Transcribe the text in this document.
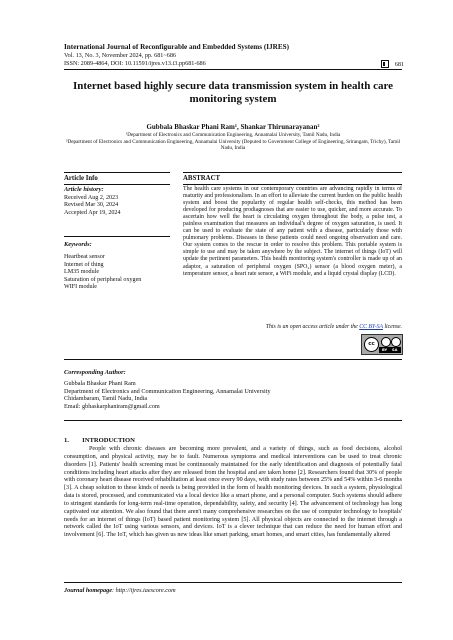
International Journal of Reconfigurable and Embedded Systems (IJRES)
Vol. 13, No. 3, November 2024, pp. 681~686
ISSN: 2089-4864, DOI: 10.11591/ijres.v13.i3.pp681-686	681
Internet based highly secure data transmission system in health care monitoring system
Gubbala Bhaskar Phani Ram¹, Shankar Thirunarayanan²
¹Department of Electronics and Communication Engineering, Annamalai University, Tamil Nadu, India
²Department of Electronics and Communication Engineering, Annamalai University (Deputed to Government College of Engineering, Srirangam, Trichy), Tamil Nadu, India
Article Info
Article history:
Received Aug 2, 2023
Revised Mar 30, 2024
Accepted Apr 19, 2024
Keywords:
Heartbeat sensor
Internet of thing
LM35 module
Saturation of peripheral oxygen
WIFI module
ABSTRACT
The health care systems in our contemporary countries are advancing rapidly in terms of maturity and professionalism. In an effort to alleviate the current burden on the public health system and boost the popularity of regular health self-checks, this method has been developed for producing prodiagnoses that are easier to use, quicker, and more accurate. To ascertain how well the heart is circulating oxygen throughout the body, a pulse test, a painless examination that measures an individual's degree of oxygen saturation, is used. It can be used to evaluate the state of any patient with a disease, particularly those with pulmonary problems. Diseases in these patients could need ongoing observation and care. Our system comes to the rescue in order to resolve this problem. This portable system is simple to use and may be taken anywhere by the subject. The internet of things (IoT) will update the pertinent parameters. This health monitoring system's controller is made up of an adaptor, a saturation of peripheral oxygen (SPO₂) sensor (a blood oxygen meter), a temperature sensor, a heart rate sensor, a WiFi module, and a liquid crystal display (LCD).
This is an open access article under the CC BY-SA license.
cc
BY SA
Corresponding Author:
Gubbala Bhaskar Phani Ram
Department of Electronics and Communication Engineering, Annamalai University
Chidambaram, Tamil Nadu, India
Email: gbhaskarphaniram@gmail.com
1.  INTRODUCTION
People with chronic diseases are becoming more prevalent, and a variety of things, such as food decisions, alcohol consumption, and physical activity, may be to fault. Numerous symptoms and medical interventions can be used to treat chronic disorders [1]. Patients' health screening must be continuously maintained for the early identification and diagnosis of potentially fatal conditions including heart attacks after they are released from the hospital and are taken home [2]. Researchers found that 30% of people with coronary heart disease received rehabilitation at least once every 90 days, with study rates between 25% and 54% within 3-6 months [3]. A cheap solution to these kinds of needs is being provided in the form of health monitoring devices. In such a system, physiological data is stored, processed, and communicated via a local device like a smart phone, and a personal computer. Such systems should adhere to stringent standards for long-term real-time operation, dependability, safety, and security [4]. The advancement of technology has long captivated our attention. We also found that there aren't many comprehensive researches on the use of computer technology to hospitals' needs for an internet of things (IoT) based patient monitoring system [5]. All physical objects are connected to the internet through a network called the IoT using various sensors, and devices. IoT is a clever technique that can reduce the need for human effort and involvement [6]. The IoT, which has given us new ideas like smart parking, smart homes, and smart cities, has fundamentally altered
Journal homepage: http://ijres.iaescore.com
